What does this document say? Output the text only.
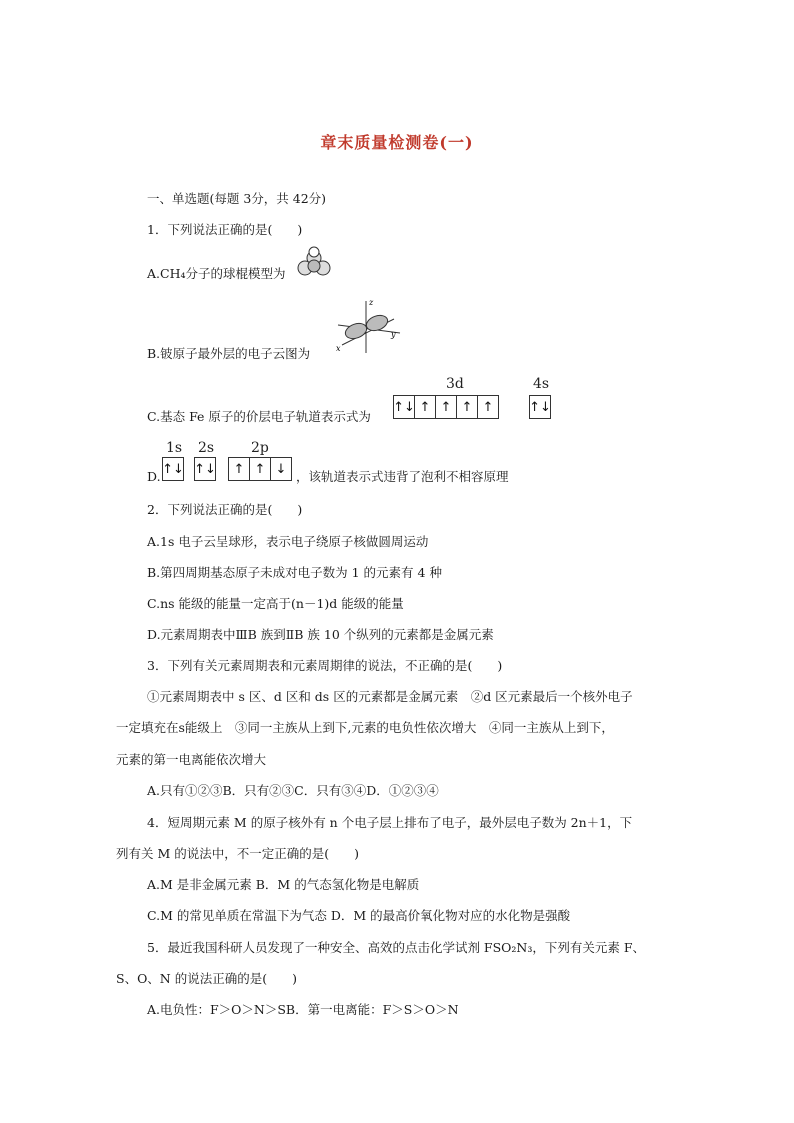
章末质量检测卷(一)
一、单选题(每题 3分，共 42分)
1．下列说法正确的是(　　)
A.CH₄分子的球棍模型为
B.铍原子最外层的电子云图为
z
y
x
C.基态 Fe 原子的价层电子轨道表示式为
3d	4s
↑↓ ↑ ↑ ↑ ↑	↑↓
D.
1s 2s	2p
↑↓ ↑↓	↑ ↑ ↓ ，该轨道表示式违背了泡利不相容原理
2．下列说法正确的是(　　)
A.1s 电子云呈球形，表示电子绕原子核做圆周运动
B.第四周期基态原子未成对电子数为 1 的元素有 4 种
C.ns 能级的能量一定高于(n－1)d 能级的能量
D.元素周期表中ⅢB 族到ⅡB 族 10 个纵列的元素都是金属元素
3．下列有关元素周期表和元素周期律的说法，不正确的是(　　)
①元素周期表中 s 区、d 区和 ds 区的元素都是金属元素　②d 区元素最后一个核外电子
一定填充在s能级上　③同一主族从上到下,元素的电负性依次增大　④同一主族从上到下，
元素的第一电离能依次增大
A.只有①②③B．只有②③C．只有③④D．①②③④
4．短周期元素 M 的原子核外有 n 个电子层上排布了电子，最外层电子数为 2n＋1，下
列有关 M 的说法中，不一定正确的是(　　)
A.M 是非金属元素 B．M 的气态氢化物是电解质
C.M 的常见单质在常温下为气态 D．M 的最高价氧化物对应的水化物是强酸
5．最近我国科研人员发现了一种安全、高效的点击化学试剂 FSO₂N₃，下列有关元素 F、
S、O、N 的说法正确的是(　　)
A.电负性：F＞O＞N＞SB．第一电离能：F＞S＞O＞N
